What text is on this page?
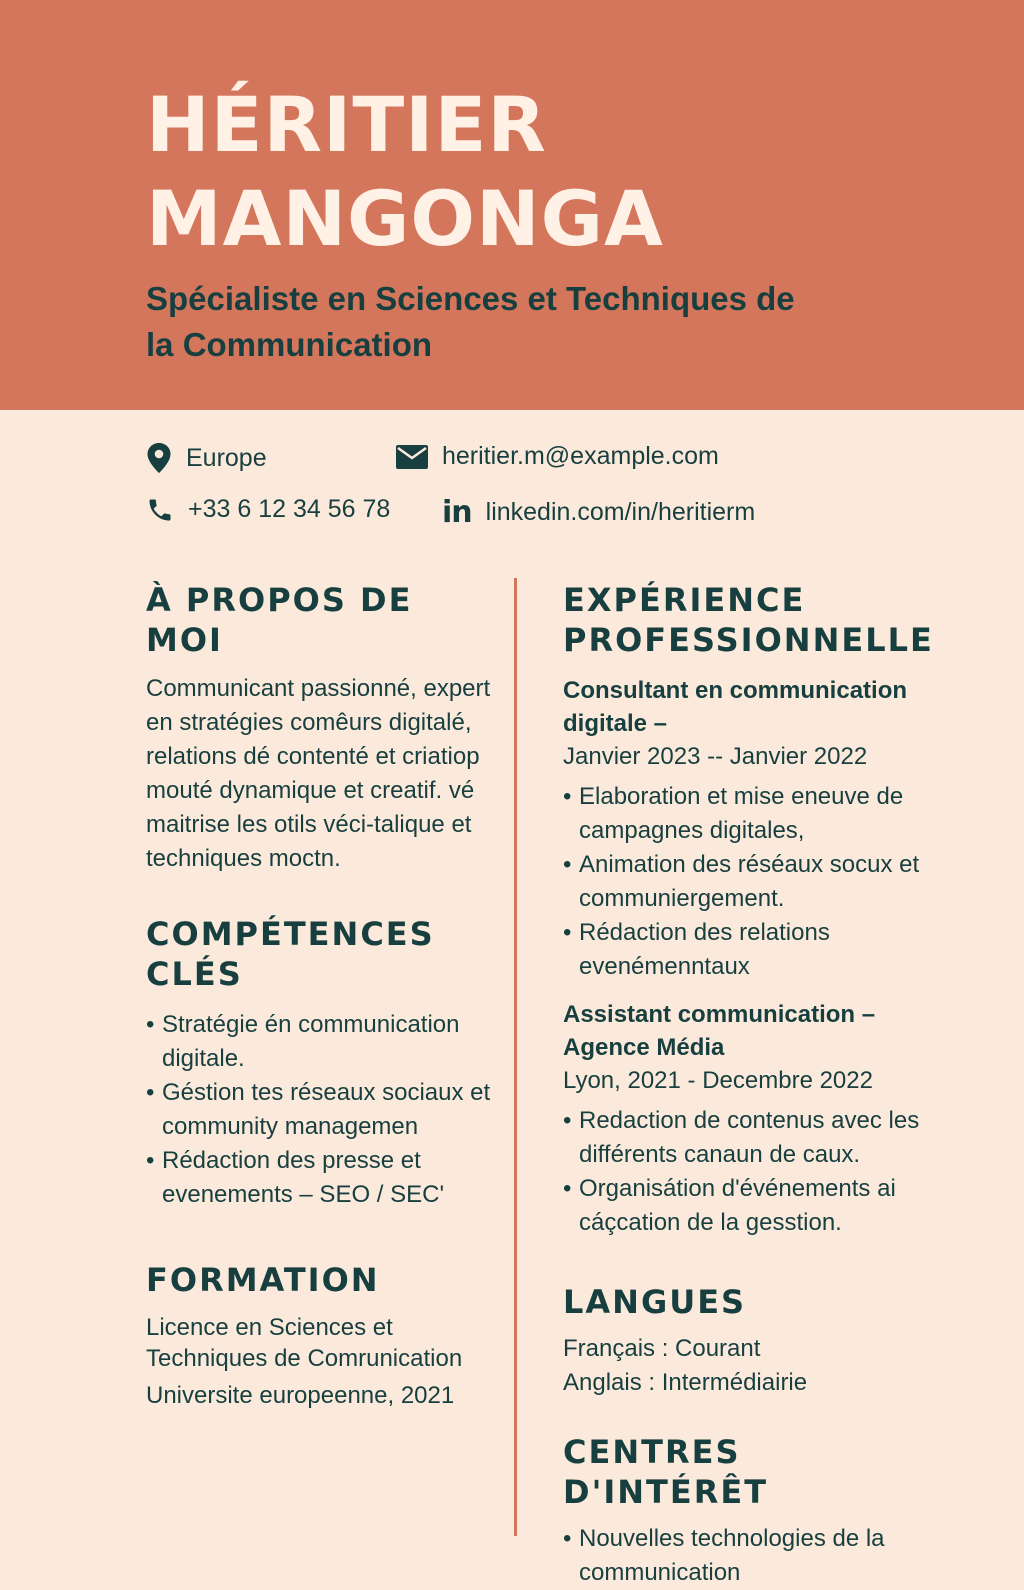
HÉRITIER
MANGONGA

Spécialiste en Sciences et Techniques de la Communication

Europe	heritier.m@example.com
+33 6 12 34 56 78 in linkedin.com/in/heritierm
À PROPOS DE MOI

Communicant passionné, expert en stratégies comêurs digitalé, relations dé contenté et criatiop mouté dynamique et creatif. vé maitrise les otils véci-talique et techniques moctn.

COMPÉTENCES
CLÉS
• Stratégie én communication digitale.
• Géstion tes réseaux sociaux et community managemen
• Rédaction des presse et evenements – SEO / SEC'
FORMATION

Licence en Sciences et Techniques de Comrunication

Universite europeenne, 2021

EXPÉRIENCE
PROFESSIONNELLE

Consultant en communication digitale –

Janvier 2023 -- Janvier 2022

• Elaboration et mise eneuve de campagnes digitales,
• Animation des réséaux socux et communiergement.
• Rédaction des relations evenémenntaux

Assistant communication – Agence Média

Lyon, 2021 - Decembre 2022

• Redaction de contenus avec les différents canaun de caux.
• Organisátion d'événements ai cáçcation de la gesstion.
LANGUES

Français : Courant

Anglais : Intermédiairie

CENTRES D'INTÉRÊT
• Nouvelles technologies de la communication
